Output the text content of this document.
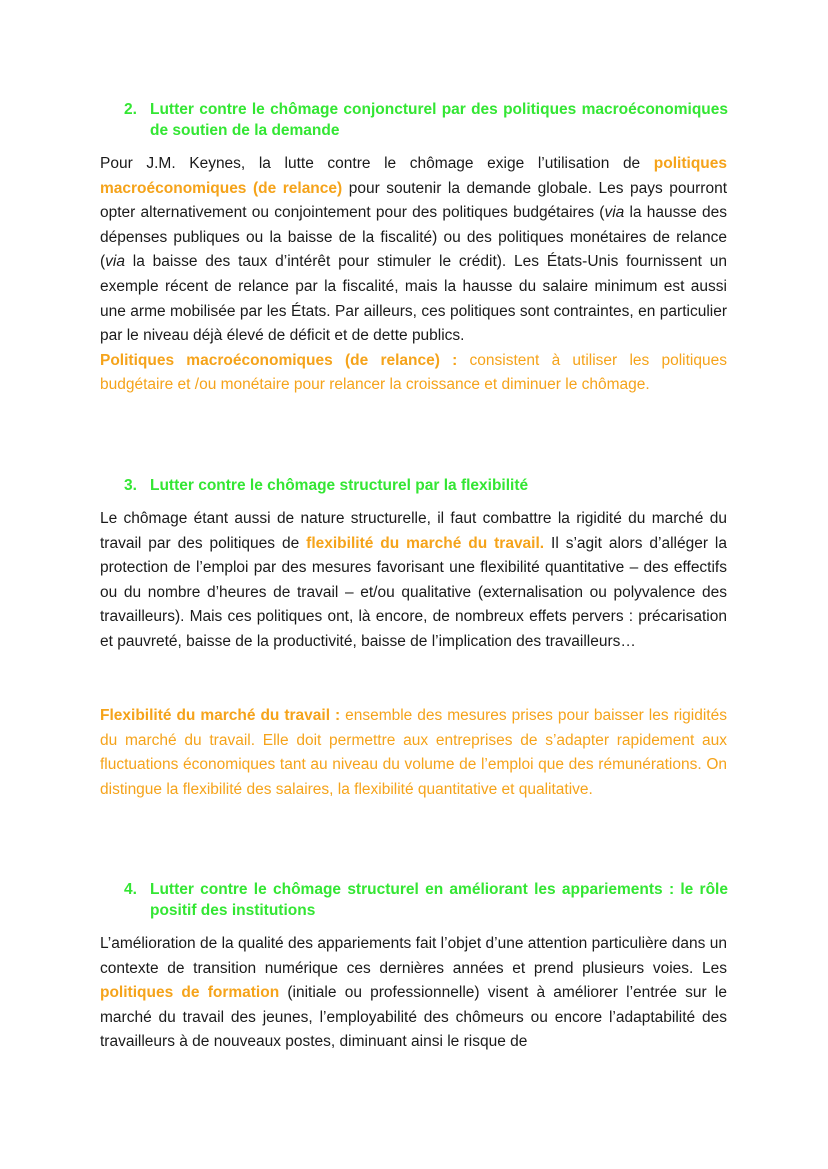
2. Lutter contre le chômage conjoncturel par des politiques macroéconomiques de soutien de la demande

Pour J.M. Keynes, la lutte contre le chômage exige l’utilisation de politiques macroéconomiques (de relance) pour soutenir la demande globale. Les pays pourront opter alternativement ou conjointement pour des politiques budgétaires (via la hausse des dépenses publiques ou la baisse de la fiscalité) ou des politiques monétaires de relance (via la baisse des taux d’intérêt pour stimuler le crédit). Les États-Unis fournissent un exemple récent de relance par la fiscalité, mais la hausse du salaire minimum est aussi une arme mobilisée par les États. Par ailleurs, ces politiques sont contraintes, en particulier par le niveau déjà élevé de déficit et de dette publics.
Politiques macroéconomiques (de relance) : consistent à utiliser les politiques budgétaire et /ou monétaire pour relancer la croissance et diminuer le chômage.

3. Lutter contre le chômage structurel par la flexibilité

Le chômage étant aussi de nature structurelle, il faut combattre la rigidité du marché du travail par des politiques de flexibilité du marché du travail. Il s’agit alors d’alléger la protection de l’emploi par des mesures favorisant une flexibilité quantitative – des effectifs ou du nombre d’heures de travail – et/ou qualitative (externalisation ou polyvalence des travailleurs). Mais ces politiques ont, là encore, de nombreux effets pervers : précarisation et pauvreté, baisse de la productivité, baisse de l’implication des travailleurs…

Flexibilité du marché du travail : ensemble des mesures prises pour baisser les rigidités du marché du travail. Elle doit permettre aux entreprises de s’adapter rapidement aux fluctuations économiques tant au niveau du volume de l’emploi que des rémunérations. On distingue la flexibilité des salaires, la flexibilité quantitative et qualitative.

4. Lutter contre le chômage structurel en améliorant les appariements : le rôle positif des institutions

L’amélioration de la qualité des appariements fait l’objet d’une attention particulière dans un contexte de transition numérique ces dernières années et prend plusieurs voies. Les politiques de formation (initiale ou professionnelle) visent à améliorer l’entrée sur le marché du travail des jeunes, l’employabilité des chômeurs ou encore l’adaptabilité des travailleurs à de nouveaux postes, diminuant ainsi le risque de
